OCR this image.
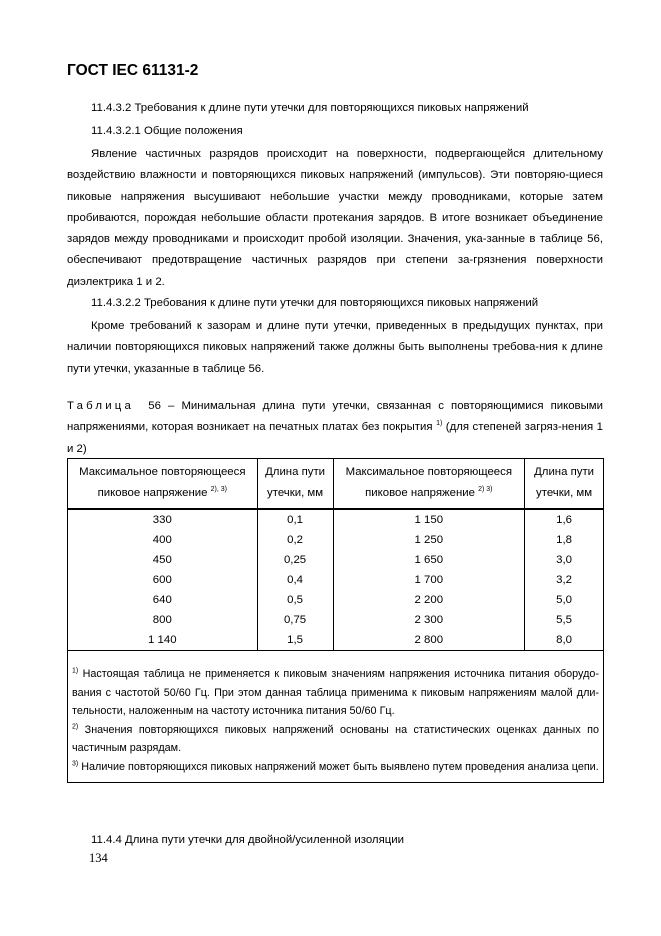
ГОСТ IEC 61131-2
11.4.3.2 Требования к длине пути утечки для повторяющихся пиковых напряжений
11.4.3.2.1 Общие положения
Явление частичных разрядов происходит на поверхности, подвергающейся длительному воздействию влажности и повторяющихся пиковых напряжений (импульсов). Эти повторяю-щиеся пиковые напряжения высушивают небольшие участки между проводниками, которые затем пробиваются, порождая небольшие области протекания зарядов. В итоге возникает объединение зарядов между проводниками и происходит пробой изоляции. Значения, ука-занные в таблице 56, обеспечивают предотвращение частичных разрядов при степени за-грязнения поверхности диэлектрика 1 и 2.
11.4.3.2.2 Требования к длине пути утечки для повторяющихся пиковых напряжений
Кроме требований к зазорам и длине пути утечки, приведенных в предыдущих пунктах, при наличии повторяющихся пиковых напряжений также должны быть выполнены требова-ния к длине пути утечки, указанные в таблице 56.
Таблица 56 – Минимальная длина пути утечки, связанная с повторяющимися пиковыми напряжениями, которая возникает на печатных платах без покрытия $^{1)}$ (для степеней загряз-нения 1 и 2)
Максимальное повторяющееся
пиковое напряжение $^{2), 3)}$	Длина пути
утечки, мм	Максимальное повторяющееся
пиковое напряжение $^{2) 3)}$	Длина пути
утечки, мм
330	0,1	1 150	1,6
400	0,2	1 250	1,8
450	0,25	1 650	3,0
600	0,4	1 700	3,2
640	0,5	2 200	5,0
800	0,75	2 300	5,5
1 140	1,5	2 800	8,0

$^{1)}$ Настоящая таблица не применяется к пиковым значениям напряжения источника питания оборудо-вания с частотой 50/60 Гц. При этом данная таблица применима к пиковым напряжениям малой дли-тельности, наложенным на частоту источника питания 50/60 Гц.

$^{2)}$ Значения повторяющихся пиковых напряжений основаны на статистических оценках данных по частичным разрядам.

$^{3)}$ Наличие повторяющихся пиковых напряжений может быть выявлено путем проведения анализа цепи.			

11.4.4 Длина пути утечки для двойной/усиленной изоляции
134
